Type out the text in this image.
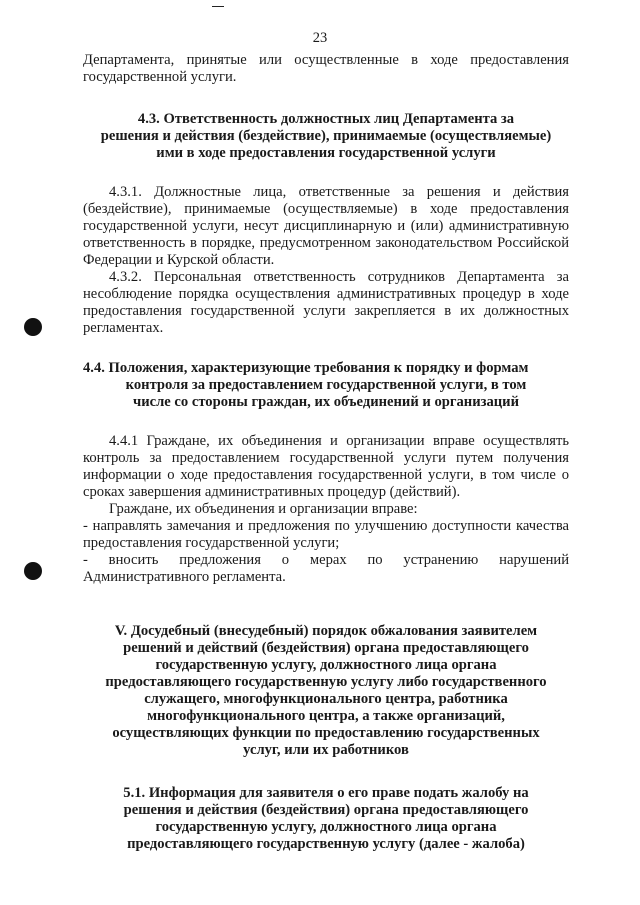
23

Департамента, принятые или осуществленные в ходе предоставления государственной услуги.

4.3. Ответственность должностных лиц Департамента за
решения и действия (бездействие), принимаемые (осуществляемые)
ими в ходе предоставления государственной услуги

4.3.1. Должностные лица, ответственные за решения и действия (бездействие), принимаемые (осуществляемые) в ходе предоставления государственной услуги, несут дисциплинарную и (или) административную ответственность в порядке, предусмотренном законодательством Российской Федерации и Курской области.

4.3.2. Персональная ответственность сотрудников Департамента за несоблюдение порядка осуществления административных процедур в ходе предоставления государственной услуги закрепляется в их должностных регламентах.

4.4. Положения, характеризующие требования к порядку и формам
контроля за предоставлением государственной услуги, в том
числе со стороны граждан, их объединений и организаций

4.4.1 Граждане, их объединения и организации вправе осуществлять контроль за предоставлением государственной услуги путем получения информации о ходе предоставления государственной услуги, в том числе о сроках завершения административных процедур (действий).

Граждане, их объединения и организации вправе:

- направлять замечания и предложения по улучшению доступности качества предоставления государственной услуги;

- вносить предложения о мерах по устранению нарушений Административного регламента.

V. Досудебный (внесудебный) порядок обжалования заявителем
решений и действий (бездействия) органа предоставляющего
государственную услугу, должностного лица органа
предоставляющего государственную услугу либо государственного
служащего, многофункционального центра, работника
многофункционального центра, а также организаций,
осуществляющих функции по предоставлению государственных
услуг, или их работников
5.1. Информация для заявителя о его праве подать жалобу на
решения и действия (бездействия) органа предоставляющего
государственную услугу, должностного лица органа
предоставляющего государственную услугу (далее - жалоба)
